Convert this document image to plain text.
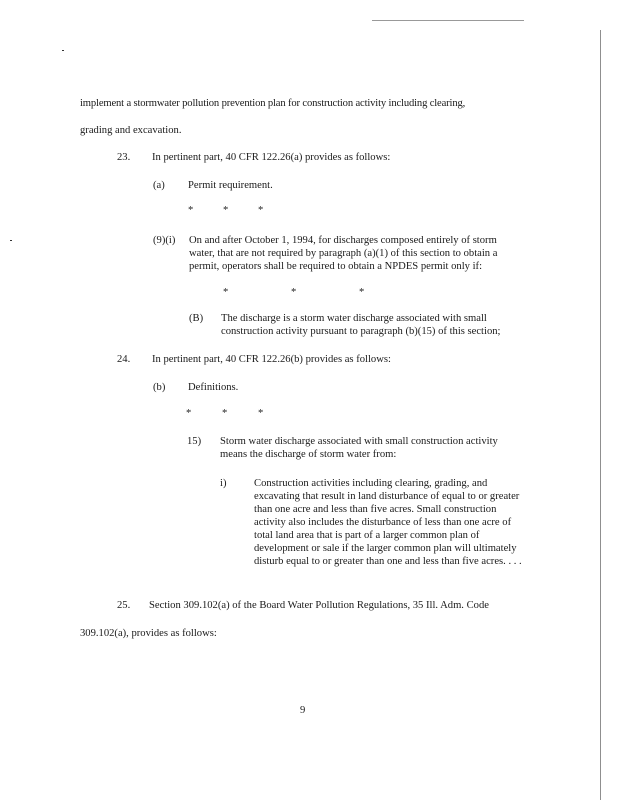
implement a stormwater pollution prevention plan for construction activity including clearing,
grading and excavation.
23. In pertinent part, 40 CFR 122.26(a) provides as follows:
(a) Permit requirement.
*	*	*
(9)(i) On and after October 1, 1994, for discharges composed entirely of storm water, that are not required by paragraph (a)(1) of this section to obtain a permit, operators shall be required to obtain a NPDES permit only if:
*	*	*
(B) The discharge is a storm water discharge associated with small construction activity pursuant to paragraph (b)(15) of this section;
24. In pertinent part, 40 CFR 122.26(b) provides as follows:
(b) Definitions.
*	*	*
15) Storm water discharge associated with small construction activity means the discharge of storm water from:
i)	Construction activities including clearing, grading, and excavating that result in land disturbance of equal to or greater than one acre and less than five acres. Small construction activity also includes the disturbance of less than one acre of total land area that is part of a larger common plan of development or sale if the larger common plan will ultimately disturb equal to or greater than one and less than five acres. . . .
25. Section 309.102(a) of the Board Water Pollution Regulations, 35 Ill. Adm. Code
309.102(a), provides as follows:
9
